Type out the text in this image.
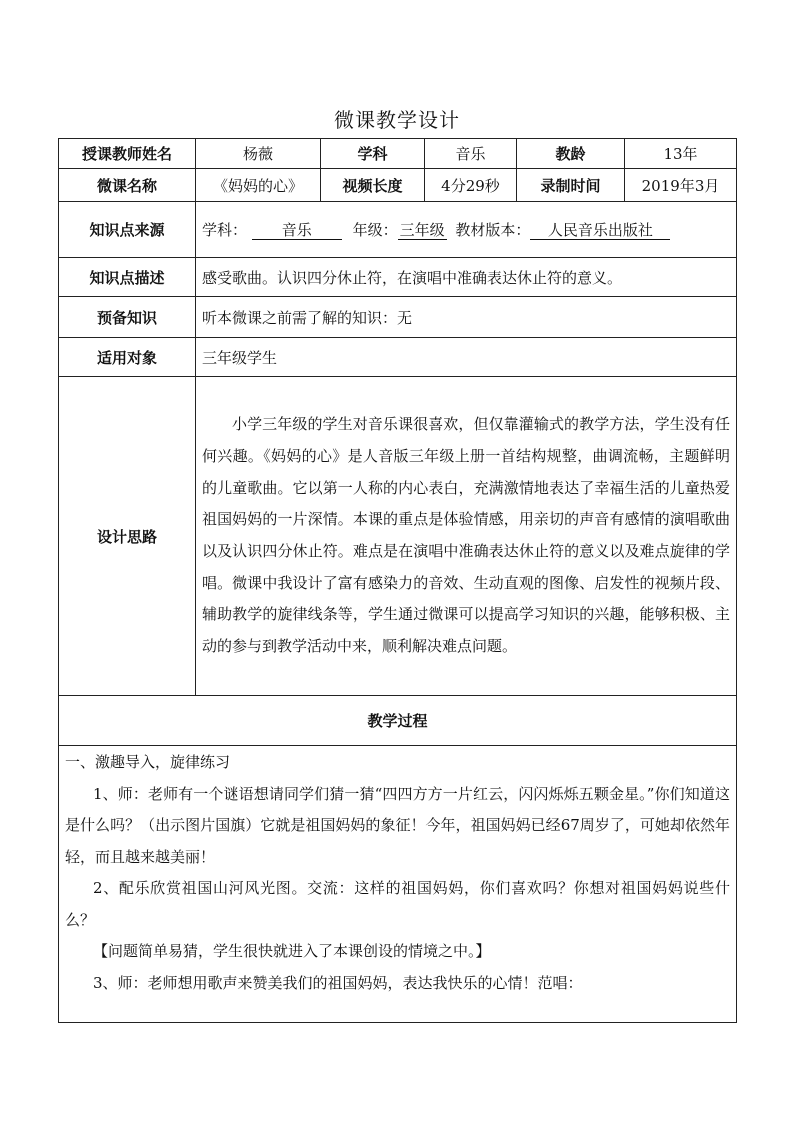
微课教学设计
授课教师姓名	杨薇	学科	音乐	教龄	13年
微课名称	《妈妈的心》	视频长度	4分29秒	录制时间	2019年3月
知识点来源	学科： 音乐 年级： 三年级 教材版本： 人民音乐出版社				
知识点描述	感受歌曲。认识四分休止符，在演唱中准确表达休止符的意义。				
预备知识	听本微课之前需了解的知识：无				
适用对象	三年级学生				
设计思路	小学三年级的学生对音乐课很喜欢，但仅靠灌输式的教学方法，学生没有任何兴趣。《妈妈的心》是人音版三年级上册一首结构规整，曲调流畅，主题鲜明的儿童歌曲。它以第一人称的内心表白，充满激情地表达了幸福生活的儿童热爱祖国妈妈的一片深情。本课的重点是体验情感，用亲切的声音有感情的演唱歌曲以及认识四分休止符。难点是在演唱中准确表达休止符的意义以及难点旋律的学唱。微课中我设计了富有感染力的音效、生动直观的图像、启发性的视频片段、辅助教学的旋律线条等，学生通过微课可以提高学习知识的兴趣，能够积极、主动的参与到教学活动中来，顺利解决难点问题。				

教学过程					

一、激趣导入，旋律练习

1、师：老师有一个谜语想请同学们猜一猜“四四方方一片红云，闪闪烁烁五颗金星。”你们知道这是什么吗？（出示图片国旗）它就是祖国妈妈的象征！今年，祖国妈妈已经67周岁了，可她却依然年轻，而且越来越美丽！

2、配乐欣赏祖国山河风光图。交流：这样的祖国妈妈，你们喜欢吗？你想对祖国妈妈说些什么？

【问题简单易猜，学生很快就进入了本课创设的情境之中。】

3、师：老师想用歌声来赞美我们的祖国妈妈，表达我快乐的心情！范唱：					
